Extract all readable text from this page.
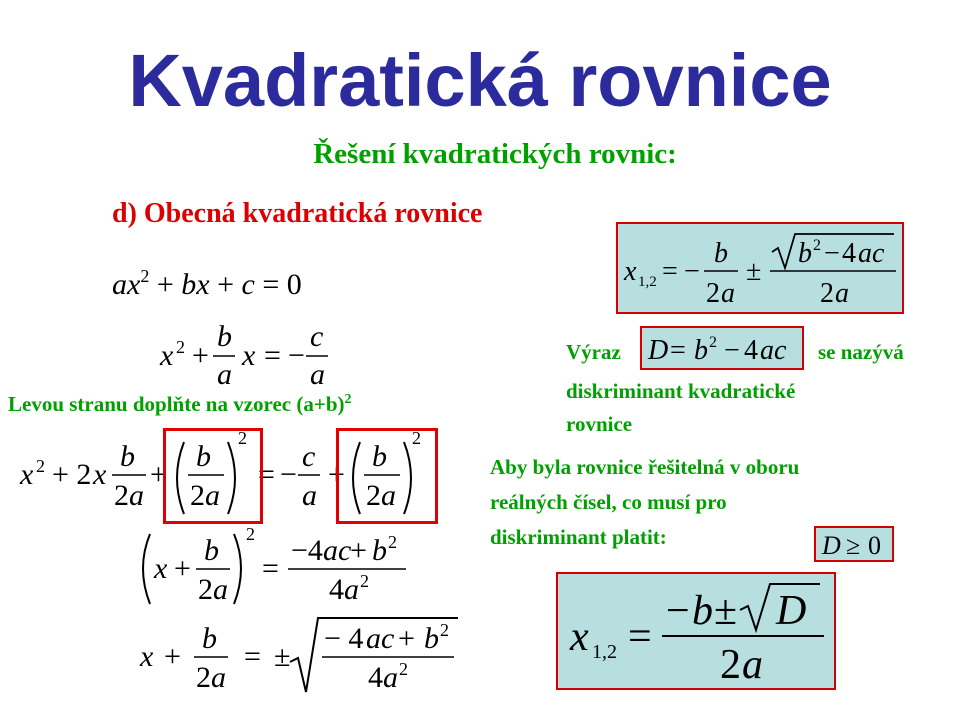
Kvadratická rovnice
Řešení kvadratických rovnic:
d) Obecná kvadratická rovnice
$ax^2$ + bx + c = 0
x 2 +
b
a
x = −
c
a
Levou stranu doplňte na vzorec $(a+b)^2$
x 2 + 2 x
b
2 a
+
b
2 a
2
= −
c
a
+
b
2 a
2
x +
b
2 a
2
=
−4 ac
+ b 2
4 a 2
x +
b
2 a
= ±
− 4 ac + b 2
4 a 2
x 1,2 = −
b
2 a
±
b 2 − 4 ac
2 a
Výraz D = b 2 − 4 ac se nazývá
diskriminant kvadratické
rovnice
Aby byla rovnice řešitelná v oboru
reálných čísel, co musí pro
diskriminant platit:	D ≥ 0
x 1,2 =
− b ± D
2 a
